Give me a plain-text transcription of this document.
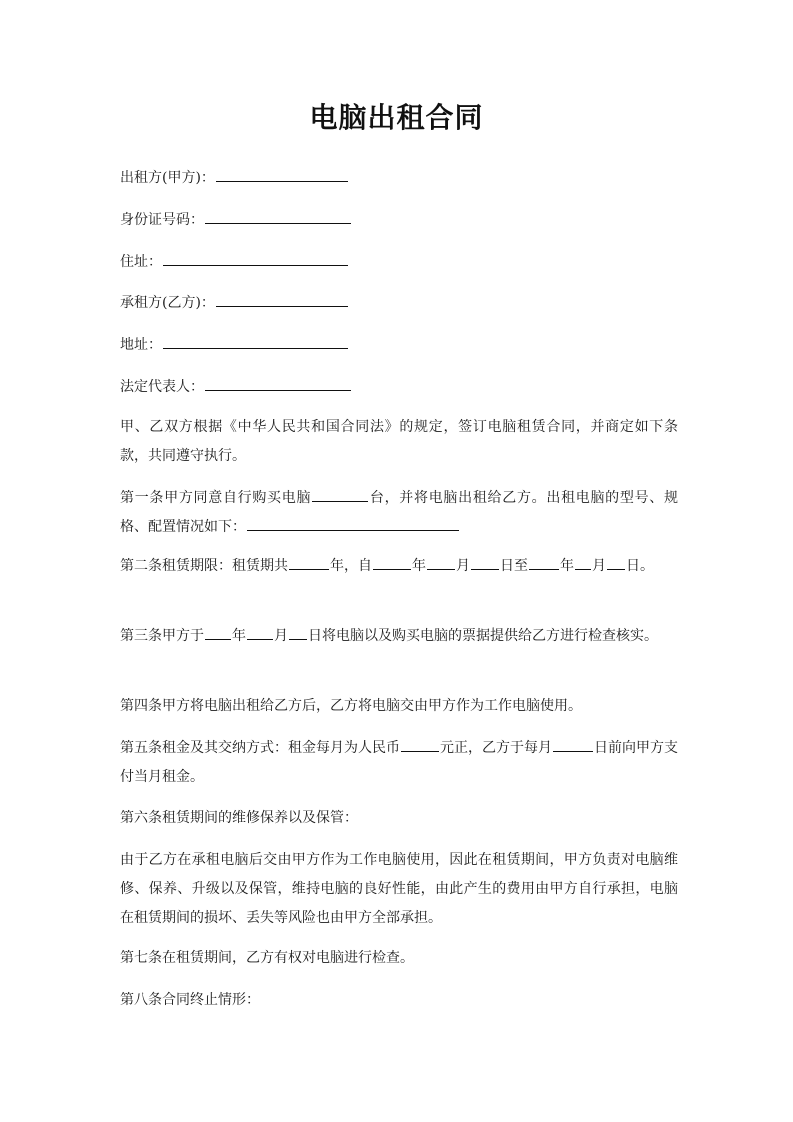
电脑出租合同

出租方(甲方)：

身份证号码：

住址：

承租方(乙方)：

地址：

法定代表人：

甲、乙双方根据《中华人民共和国合同法》的规定，签订电脑租赁合同，并商定如下条款，共同遵守执行。

第一条甲方同意自行购买电脑	台，并将电脑出租给乙方。出租电脑的型号、规格、配置情况如下：

第二条租赁期限：租赁期共	年，自	年 月 日至 年 月 日。

第三条甲方于 年 月 日将电脑以及购买电脑的票据提供给乙方进行检查核实。

第四条甲方将电脑出租给乙方后，乙方将电脑交由甲方作为工作电脑使用。

第五条租金及其交纳方式：租金每月为人民币	元正，乙方于每月	日前向甲方支付当月租金。

第六条租赁期间的维修保养以及保管：

由于乙方在承租电脑后交由甲方作为工作电脑使用，因此在租赁期间，甲方负责对电脑维修、保养、升级以及保管，维持电脑的良好性能，由此产生的费用由甲方自行承担，电脑在租赁期间的损坏、丢失等风险也由甲方全部承担。

第七条在租赁期间，乙方有权对电脑进行检查。

第八条合同终止情形：
